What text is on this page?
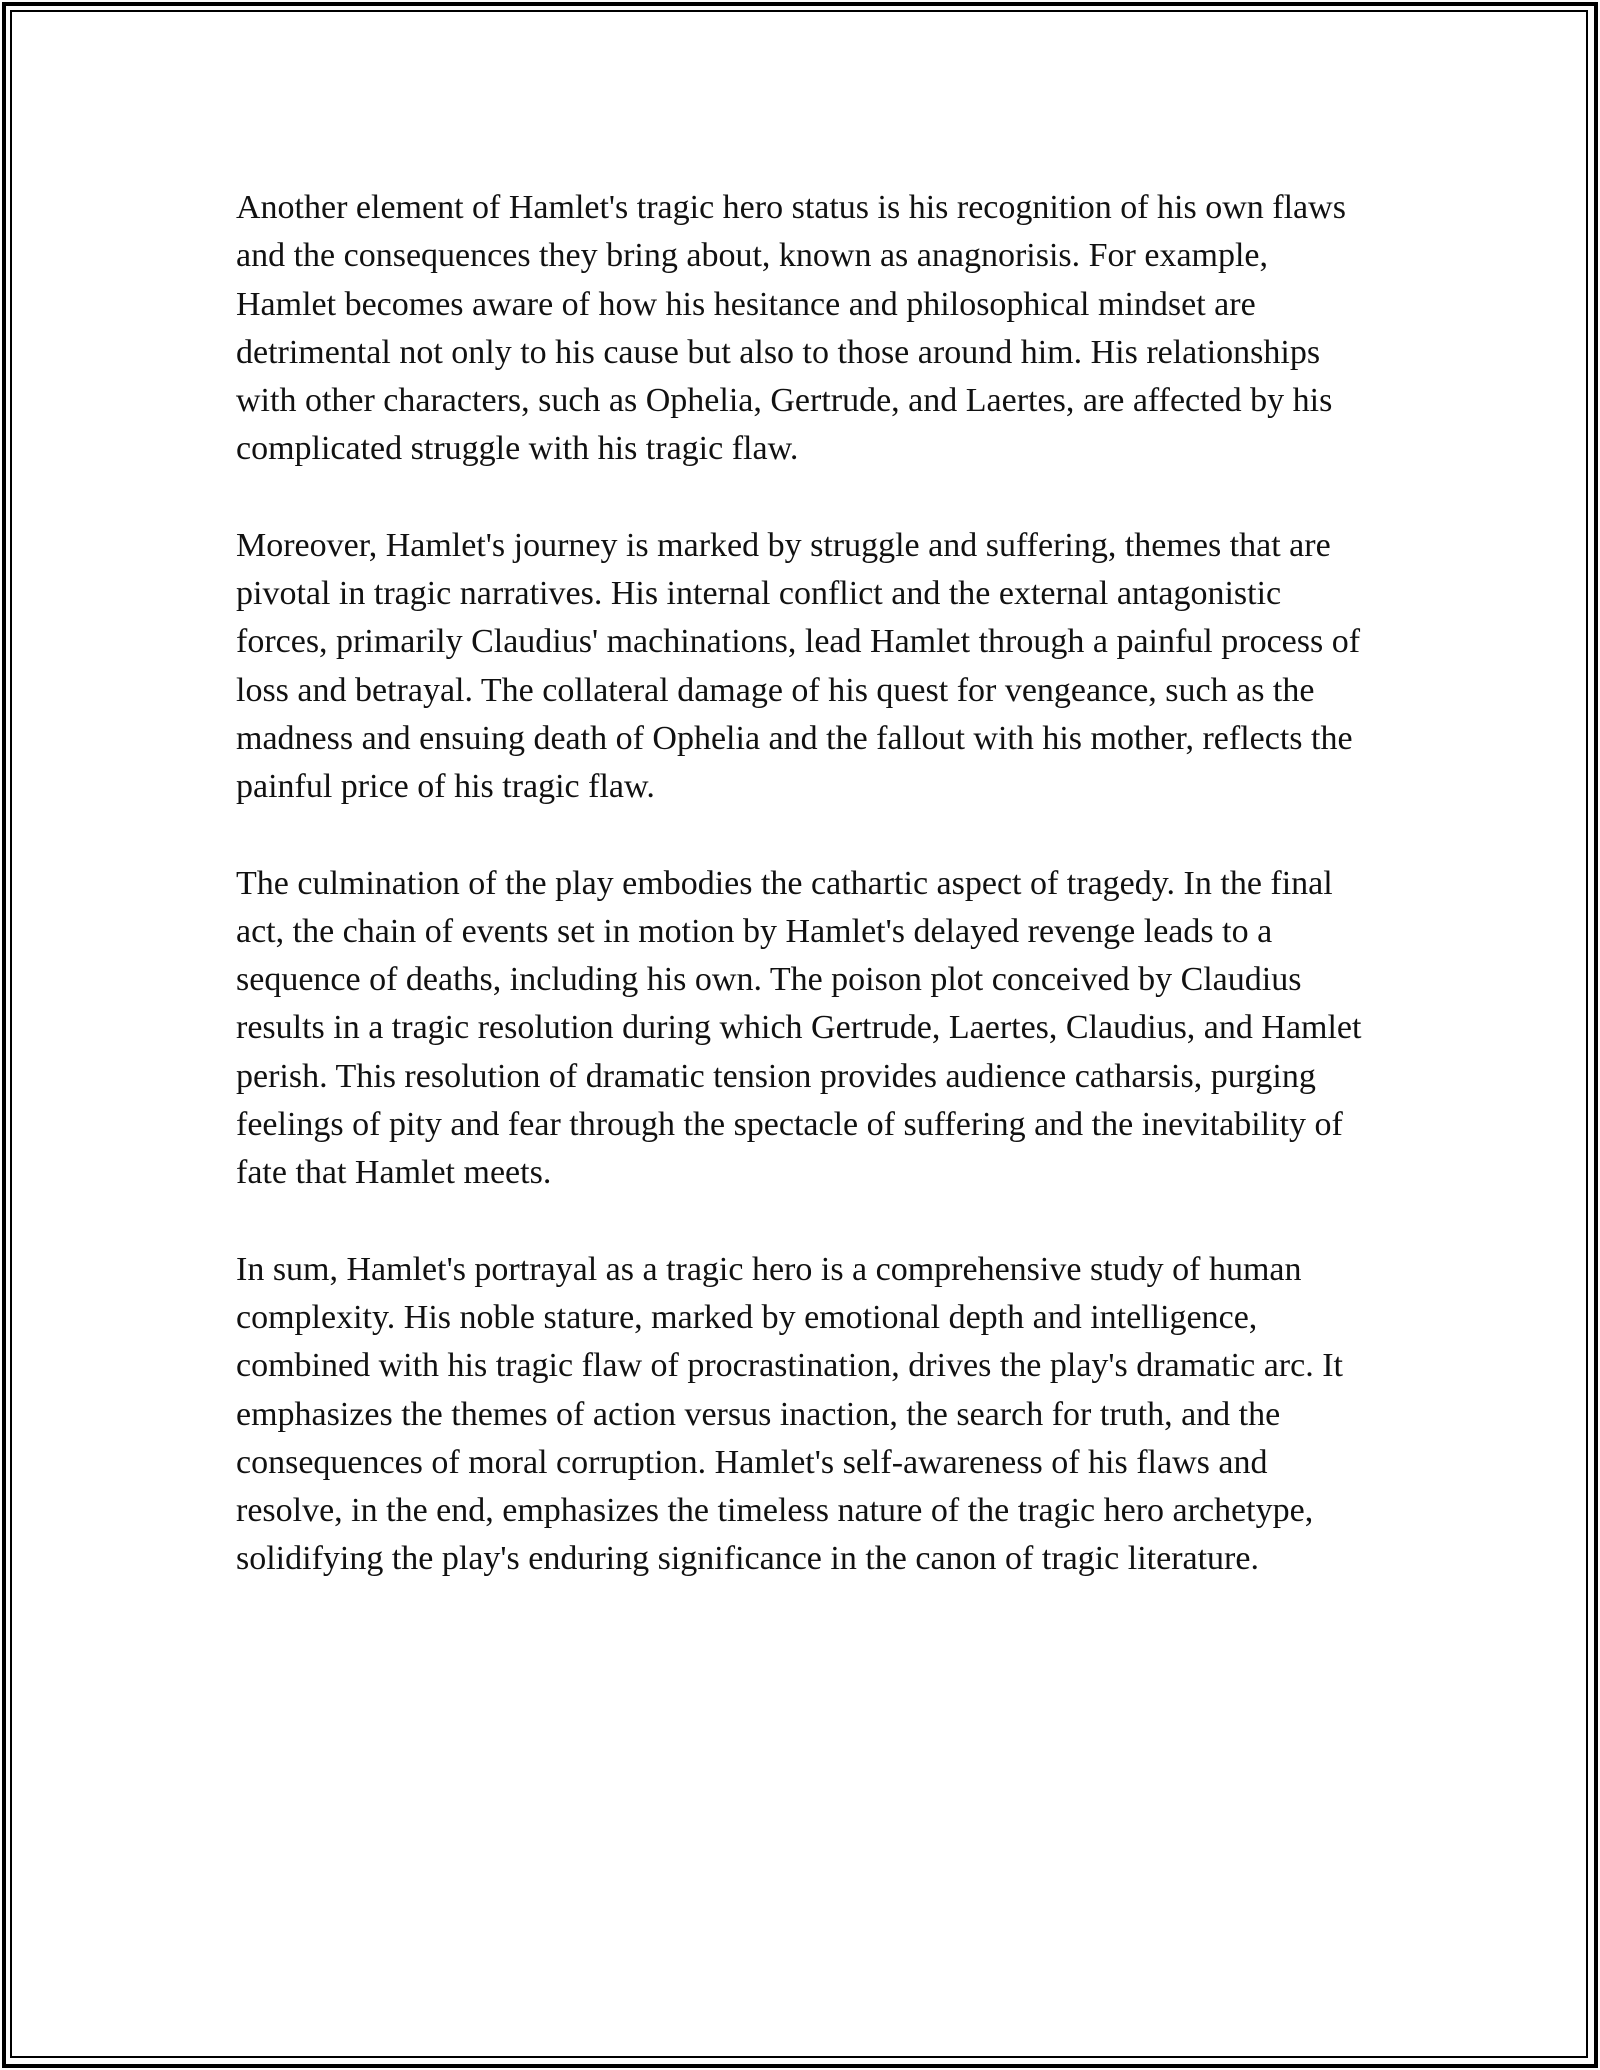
Another element of Hamlet's tragic hero status is his recognition of his own flaws and the consequences they bring about, known as anagnorisis. For example, Hamlet becomes aware of how his hesitance and philosophical mindset are detrimental not only to his cause but also to those around him. His relationships with other characters, such as Ophelia, Gertrude, and Laertes, are affected by his complicated struggle with his tragic flaw.

Moreover, Hamlet's journey is marked by struggle and suffering, themes that are pivotal in tragic narratives. His internal conflict and the external antagonistic forces, primarily Claudius' machinations, lead Hamlet through a painful process of loss and betrayal. The collateral damage of his quest for vengeance, such as the madness and ensuing death of Ophelia and the fallout with his mother, reflects the painful price of his tragic flaw.

The culmination of the play embodies the cathartic aspect of tragedy. In the final act, the chain of events set in motion by Hamlet's delayed revenge leads to a sequence of deaths, including his own. The poison plot conceived by Claudius results in a tragic resolution during which Gertrude, Laertes, Claudius, and Hamlet perish. This resolution of dramatic tension provides audience catharsis, purging feelings of pity and fear through the spectacle of suffering and the inevitability of fate that Hamlet meets.

In sum, Hamlet's portrayal as a tragic hero is a comprehensive study of human complexity. His noble stature, marked by emotional depth and intelligence, combined with his tragic flaw of procrastination, drives the play's dramatic arc. It emphasizes the themes of action versus inaction, the search for truth, and the consequences of moral corruption. Hamlet's self-awareness of his flaws and resolve, in the end, emphasizes the timeless nature of the tragic hero archetype, solidifying the play's enduring significance in the canon of tragic literature.
